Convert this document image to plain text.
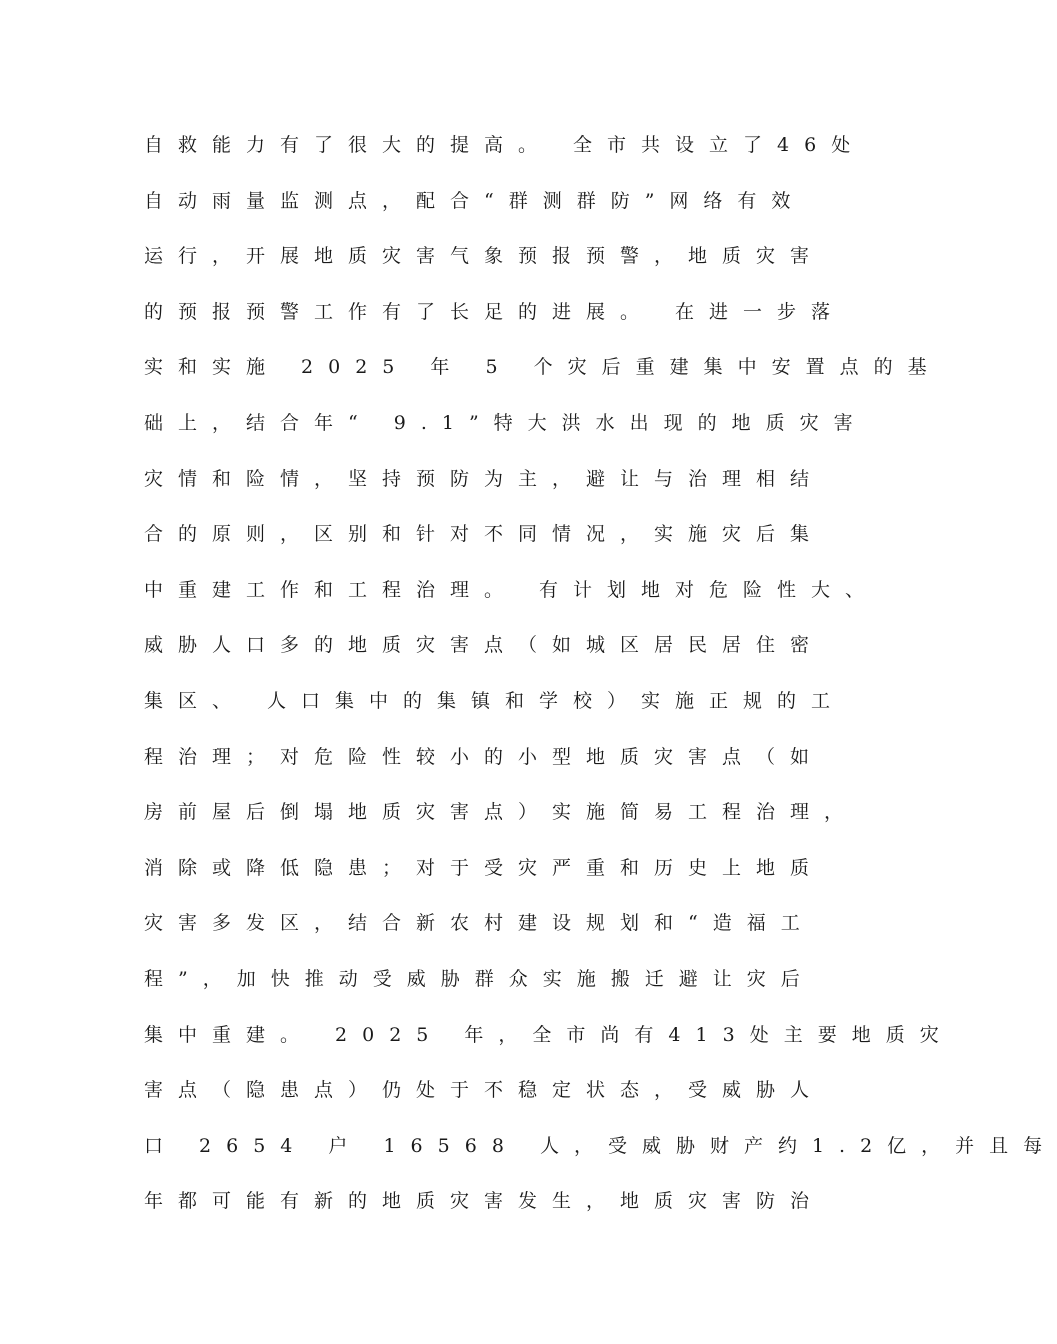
自救能力有了很大的提高。 全市共设立了46处
自动雨量监测点，配合“群测群防”网络有效
运行，开展地质灾害气象预报预警，地质灾害
的预报预警工作有了长足的进展。 在进一步落
实和实施 2025 年 5 个灾后重建集中安置点的基
础上，结合年“ 9.1”特大洪水出现的地质灾害
灾情和险情，坚持预防为主，避让与治理相结
合的原则，区别和针对不同情况，实施灾后集
中重建工作和工程治理。 有计划地对危险性大、
威胁人口多的地质灾害点（如城区居民居住密
集区、 人口集中的集镇和学校）实施正规的工
程治理；对危险性较小的小型地质灾害点（如
房前屋后倒塌地质灾害点）实施简易工程治理，
消除或降低隐患；对于受灾严重和历史上地质
灾害多发区，结合新农村建设规划和“造福工
程”，加快推动受威胁群众实施搬迁避让灾后
集中重建。 2025 年，全市尚有413处主要地质灾
害点（隐患点）仍处于不稳定状态，受威胁人
口 2654 户 16568 人，受威胁财产约1.2亿，并且每
年都可能有新的地质灾害发生，地质灾害防治
